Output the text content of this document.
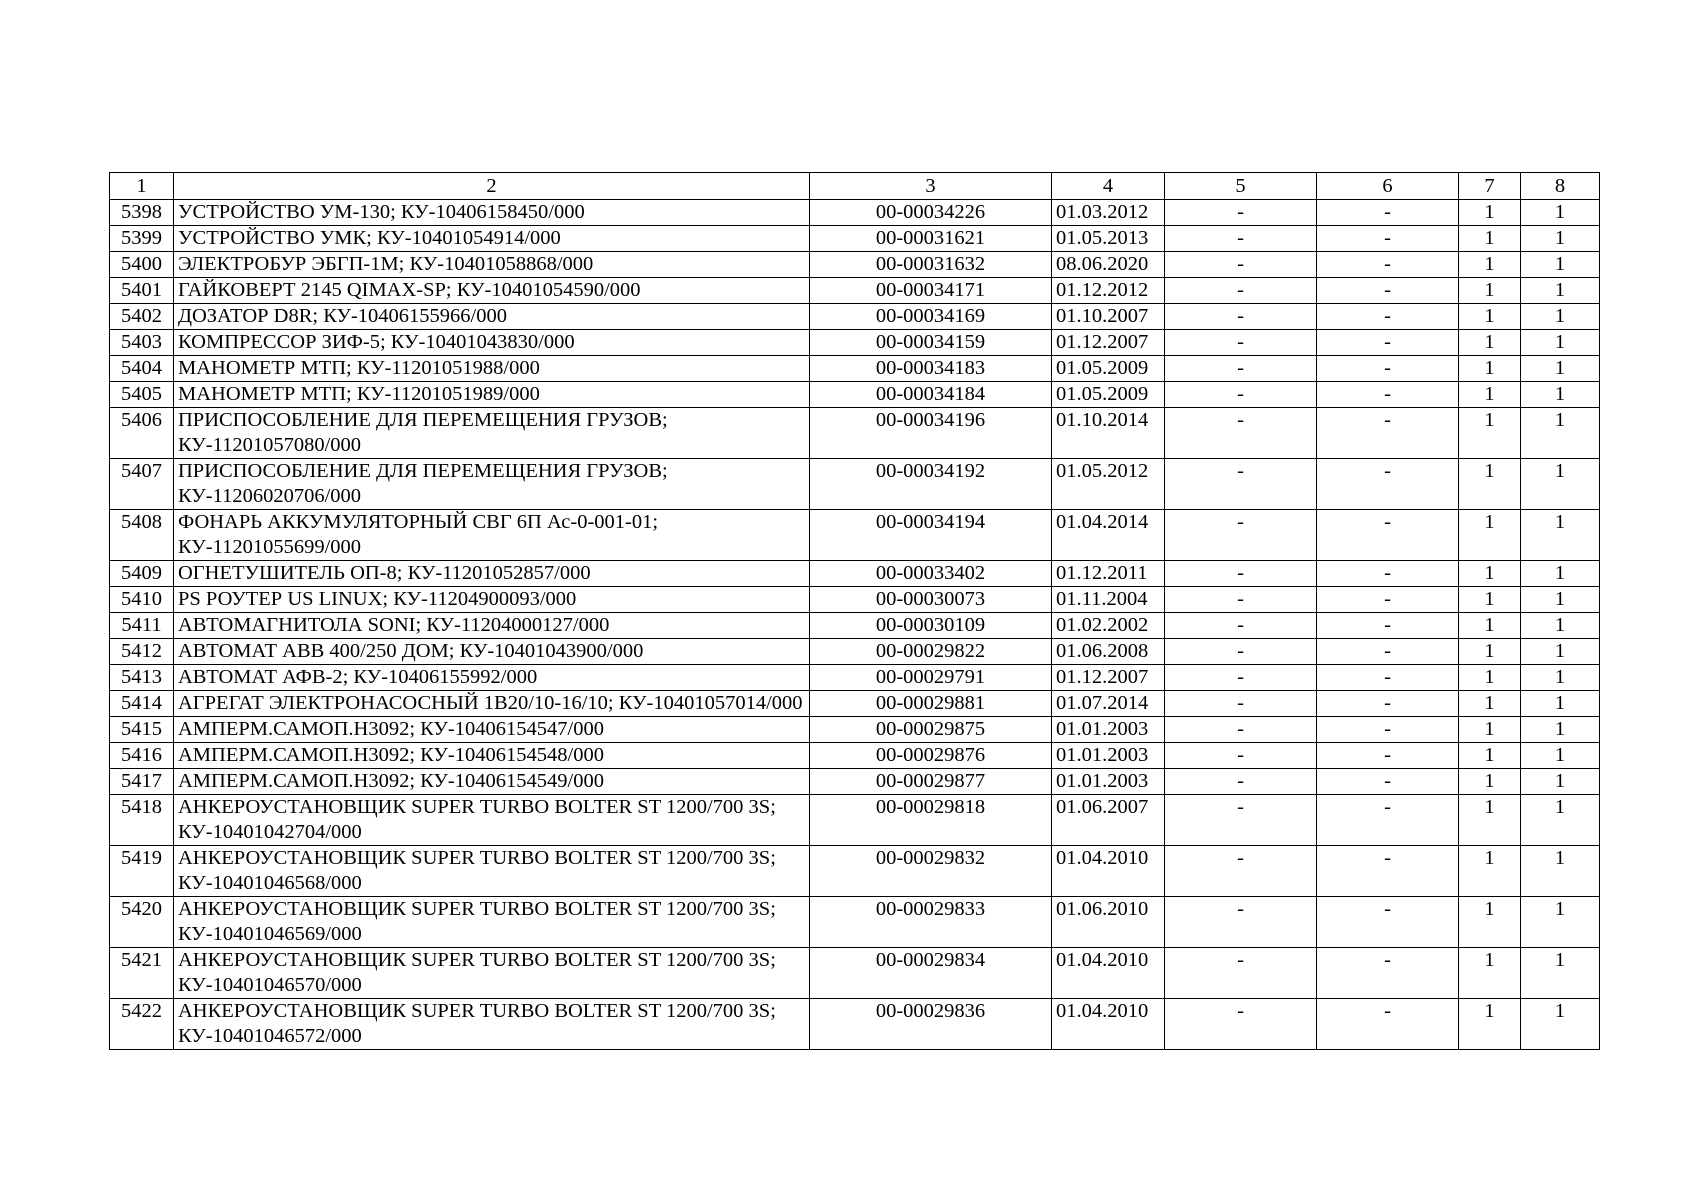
1	2	3	4	5	6	7	8
5398	УСТРОЙСТВО УМ-130; КУ-10406158450/000	00-00034226	01.03.2012	-	-	1	1
5399	УСТРОЙСТВО УМК; КУ-10401054914/000	00-00031621	01.05.2013	-	-	1	1
5400	ЭЛЕКТРОБУР ЭБГП-1М; КУ-10401058868/000	00-00031632	08.06.2020	-	-	1	1
5401	ГАЙКОВЕРТ 2145 QIMAX-SP; КУ-10401054590/000	00-00034171	01.12.2012	-	-	1	1
5402	ДОЗАТОР D8R; КУ-10406155966/000	00-00034169	01.10.2007	-	-	1	1
5403	КОМПРЕССОР ЗИФ-5; КУ-10401043830/000	00-00034159	01.12.2007	-	-	1	1
5404	МАНОМЕТР МТП; КУ-11201051988/000	00-00034183	01.05.2009	-	-	1	1
5405	МАНОМЕТР МТП; КУ-11201051989/000	00-00034184	01.05.2009	-	-	1	1
5406	ПРИСПОСОБЛЕНИЕ ДЛЯ ПЕРЕМЕЩЕНИЯ ГРУЗОВ; КУ-11201057080/000	00-00034196	01.10.2014	-	-	1	1
5407	ПРИСПОСОБЛЕНИЕ ДЛЯ ПЕРЕМЕЩЕНИЯ ГРУЗОВ; КУ-11206020706/000	00-00034192	01.05.2012	-	-	1	1
5408	ФОНАРЬ АККУМУЛЯТОРНЫЙ СВГ 6П Ас-0-001-01; КУ-11201055699/000	00-00034194	01.04.2014	-	-	1	1
5409	ОГНЕТУШИТЕЛЬ ОП-8; КУ-11201052857/000	00-00033402	01.12.2011	-	-	1	1
5410	PS РОУТЕР US LINUX; КУ-11204900093/000	00-00030073	01.11.2004	-	-	1	1
5411	АВТОМАГНИТОЛА SONI; КУ-11204000127/000	00-00030109	01.02.2002	-	-	1	1
5412	АВТОМАТ АВВ 400/250 ДОМ; КУ-10401043900/000	00-00029822	01.06.2008	-	-	1	1
5413	АВТОМАТ АФВ-2; КУ-10406155992/000	00-00029791	01.12.2007	-	-	1	1
5414	АГРЕГАТ ЭЛЕКТРОНАСОСНЫЙ 1В20/10-16/10; КУ-10401057014/000	00-00029881	01.07.2014	-	-	1	1
5415	АМПЕРМ.САМОП.Н3092; КУ-10406154547/000	00-00029875	01.01.2003	-	-	1	1
5416	АМПЕРМ.САМОП.Н3092; КУ-10406154548/000	00-00029876	01.01.2003	-	-	1	1
5417	АМПЕРМ.САМОП.Н3092; КУ-10406154549/000	00-00029877	01.01.2003	-	-	1	1
5418	АНКЕРОУСТАНОВЩИК SUPER TURBO BOLTER ST 1200/700 3S; КУ-10401042704/000	00-00029818	01.06.2007	-	-	1	1
5419	АНКЕРОУСТАНОВЩИК SUPER TURBO BOLTER ST 1200/700 3S; КУ-10401046568/000	00-00029832	01.04.2010	-	-	1	1
5420	АНКЕРОУСТАНОВЩИК SUPER TURBO BOLTER ST 1200/700 3S; КУ-10401046569/000	00-00029833	01.06.2010	-	-	1	1
5421	АНКЕРОУСТАНОВЩИК SUPER TURBO BOLTER ST 1200/700 3S; КУ-10401046570/000	00-00029834	01.04.2010	-	-	1	1
5422	АНКЕРОУСТАНОВЩИК SUPER TURBO BOLTER ST 1200/700 3S; КУ-10401046572/000	00-00029836	01.04.2010	-	-	1	1
